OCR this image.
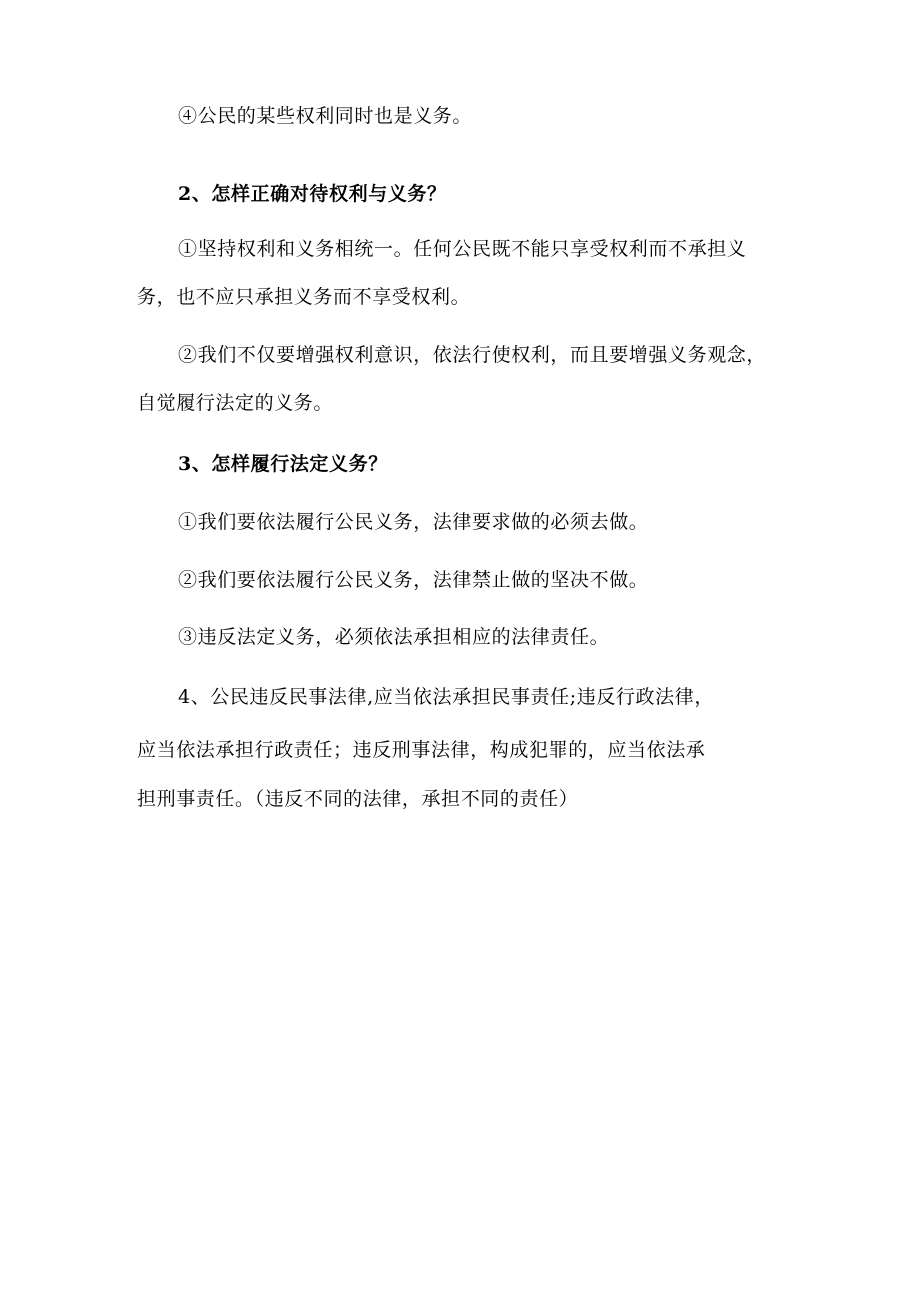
④公民的某些权利同时也是义务。
2、怎样正确对待权利与义务？
①坚持权利和义务相统一。任何公民既不能只享受权利而不承担义
务，也不应只承担义务而不享受权利。
②我们不仅要增强权利意识，依法行使权利，而且要增强义务观念，
自觉履行法定的义务。
3、怎样履行法定义务？
①我们要依法履行公民义务，法律要求做的必须去做。
②我们要依法履行公民义务，法律禁止做的坚决不做。
③违反法定义务，必须依法承担相应的法律责任。
4、公民违反民事法律,应当依法承担民事责任;违反行政法律，
应当依法承担行政责任；违反刑事法律，构成犯罪的，应当依法承
担刑事责任。（违反不同的法律，承担不同的责任）
